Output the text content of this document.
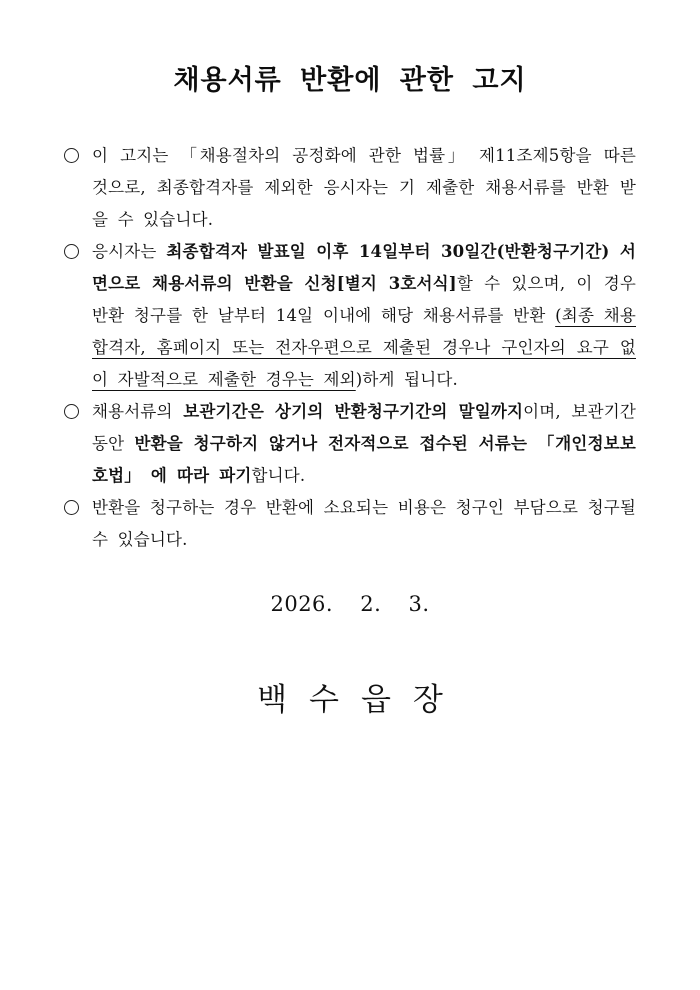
채용서류 반환에 관한 고지
이 고지는 「채용절차의 공정화에 관한 법률」 제11조제5항을 따른 것으로, 최종합격자를 제외한 응시자는 기 제출한 채용서류를 반환 받을 수 있습니다.
응시자는 최종합격자 발표일 이후 14일부터 30일간(반환청구기간) 서면으로 채용서류의 반환을 신청[별지 3호서식]할 수 있으며, 이 경우 반환 청구를 한 날부터 14일 이내에 해당 채용서류를 반환 (최종 채용 합격자, 홈페이지 또는 전자우편으로 제출된 경우나 구인자의 요구 없이 자발적으로 제출한 경우는 제외)하게 됩니다.
채용서류의 보관기간은 상기의 반환청구기간의 말일까지이며, 보관기간동안 반환을 청구하지 않거나 전자적으로 접수된 서류는 「개인정보보호법」 에 따라 파기합니다.
반환을 청구하는 경우 반환에 소요되는 비용은 청구인 부담으로 청구될 수 있습니다.
2026. 2. 3.
백수읍장
